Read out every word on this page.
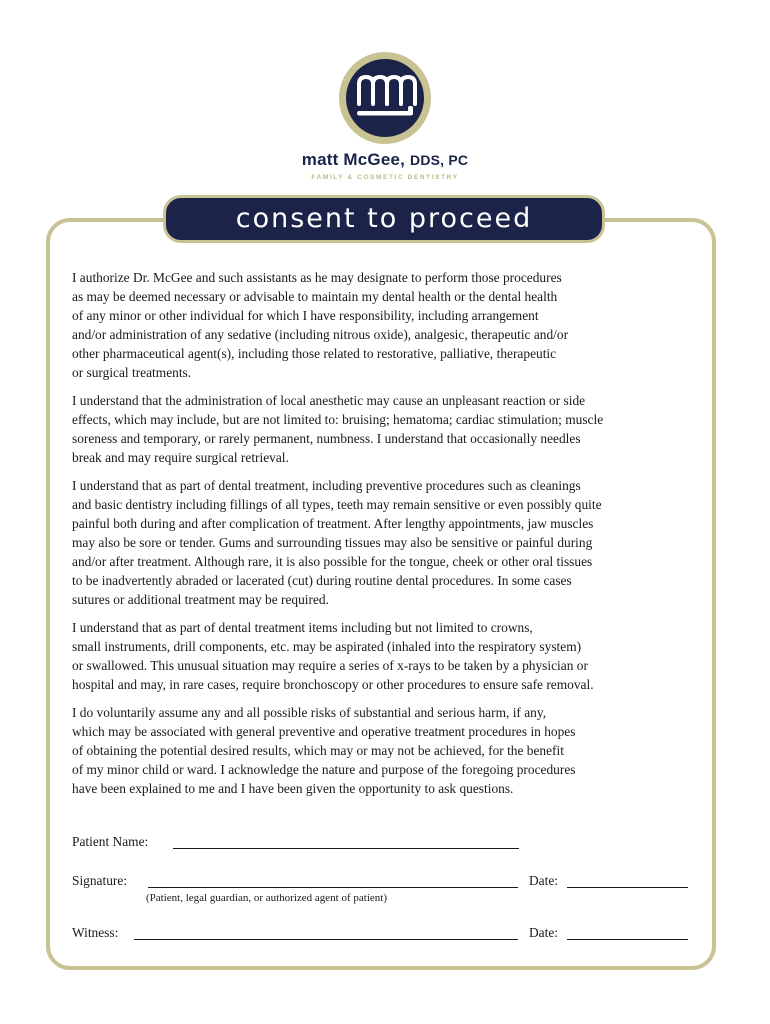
matt McGee, DDS, PC
FAMILY & COSMETIC DENTISTRY
consent to proceed

I authorize Dr. McGee and such assistants as he may designate to perform those procedures
as may be deemed necessary or advisable to maintain my dental health or the dental health
of any minor or other individual for which I have responsibility, including arrangement
and/or administration of any sedative (including nitrous oxide), analgesic, therapeutic and/or
other pharmaceutical agent(s), including those related to restorative, palliative, therapeutic
or surgical treatments.

I understand that the administration of local anesthetic may cause an unpleasant reaction or side
effects, which may include, but are not limited to: bruising; hematoma; cardiac stimulation; muscle
soreness and temporary, or rarely permanent, numbness. I understand that occasionally needles
break and may require surgical retrieval.

I understand that as part of dental treatment, including preventive procedures such as cleanings
and basic dentistry including fillings of all types, teeth may remain sensitive or even possibly quite
painful both during and after complication of treatment. After lengthy appointments, jaw muscles
may also be sore or tender. Gums and surrounding tissues may also be sensitive or painful during
and/or after treatment. Although rare, it is also possible for the tongue, cheek or other oral tissues
to be inadvertently abraded or lacerated (cut) during routine dental procedures. In some cases
sutures or additional treatment may be required.

I understand that as part of dental treatment items including but not limited to crowns,
small instruments, drill components, etc. may be aspirated (inhaled into the respiratory system)
or swallowed. This unusual situation may require a series of x-rays to be taken by a physician or
hospital and may, in rare cases, require bronchoscopy or other procedures to ensure safe removal.

I do voluntarily assume any and all possible risks of substantial and serious harm, if any,
which may be associated with general preventive and operative treatment procedures in hopes
of obtaining the potential desired results, which may or may not be achieved, for the benefit
of my minor child or ward. I acknowledge the nature and purpose of the foregoing procedures
have been explained to me and I have been given the opportunity to ask questions.

Patient Name:
Signature:	Date:
(Patient, legal guardian, or authorized agent of patient)
Witness:	Date:
